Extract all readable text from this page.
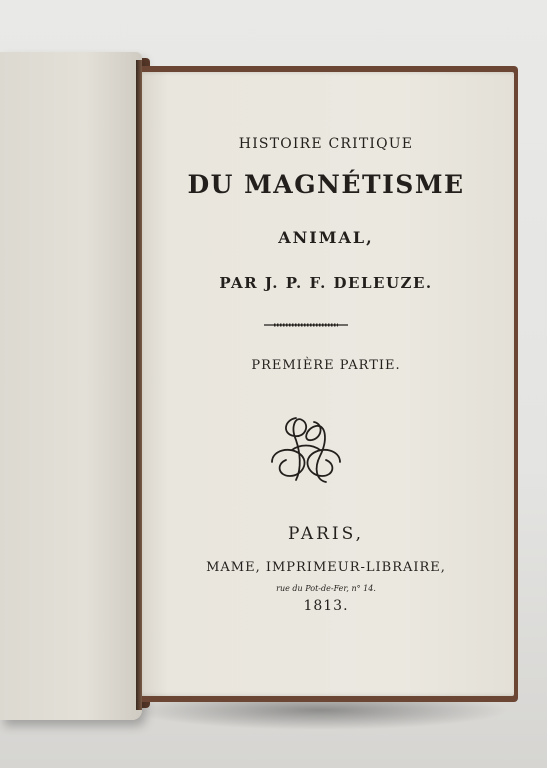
HISTOIRE CRITIQUE

DU MAGNÉTISME

ANIMAL,

PAR J. P. F. DELEUZE.

PREMIÈRE PARTIE.

PARIS,

MAME, IMPRIMEUR-LIBRAIRE,

rue du Pot-de-Fer, n° 14.

1813.
